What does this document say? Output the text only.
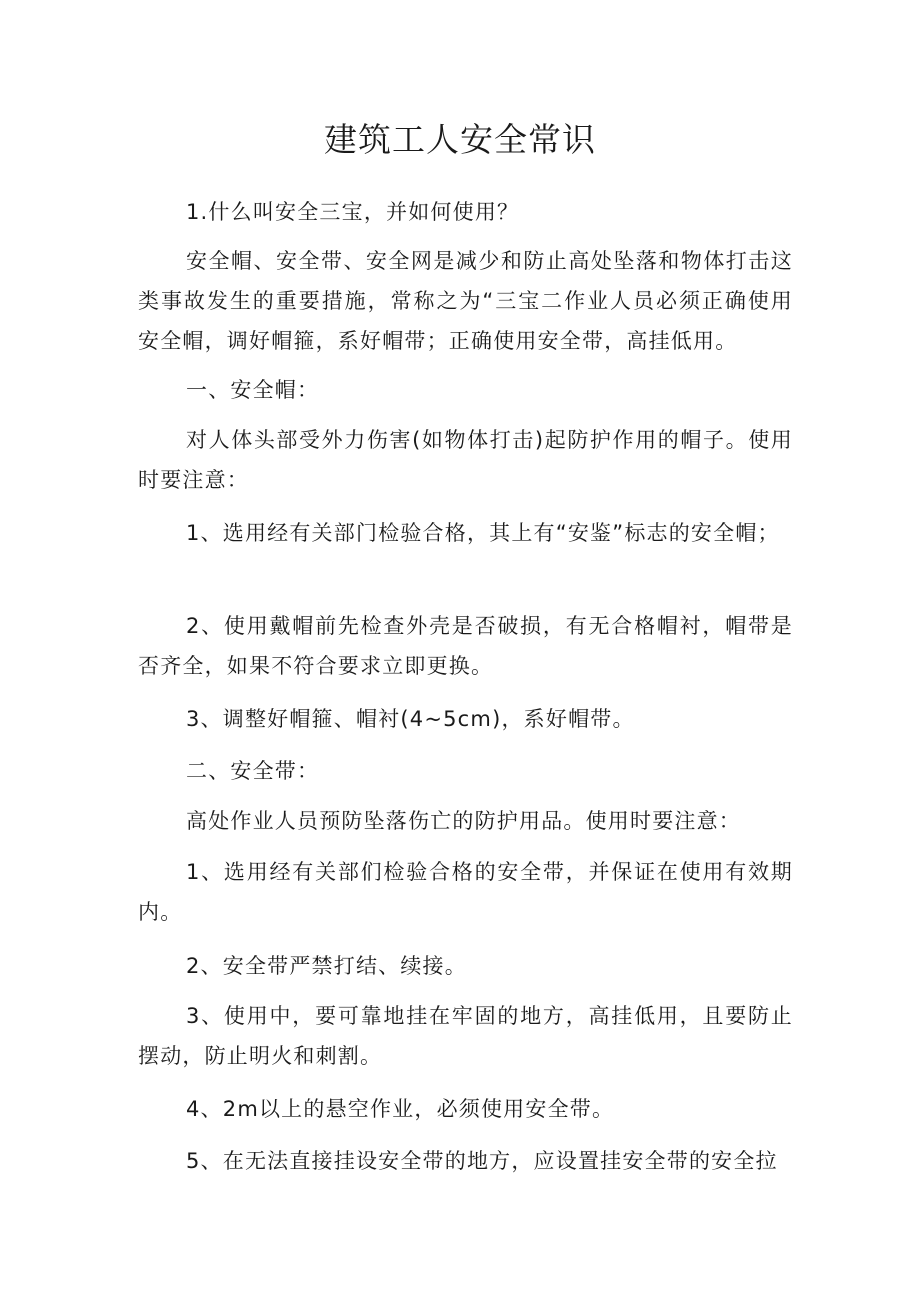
建筑工人安全常识

1.什么叫安全三宝，并如何使用？

安全帽、安全带、安全网是减少和防止高处坠落和物体打击这类事故发生的重要措施，常称之为“三宝二作业人员必须正确使用安全帽，调好帽箍，系好帽带；正确使用安全带，高挂低用。

一、安全帽：

对人体头部受外力伤害(如物体打击)起防护作用的帽子。使用时要注意：

1、选用经有关部门检验合格，其上有“安鉴”标志的安全帽；

2、使用戴帽前先检查外壳是否破损，有无合格帽衬，帽带是否齐全，如果不符合要求立即更换。

3、调整好帽箍、帽衬(4~5cm)，系好帽带。

二、安全带：

高处作业人员预防坠落伤亡的防护用品。使用时要注意：

1、选用经有关部们检验合格的安全带，并保证在使用有效期内。

2、安全带严禁打结、续接。

3、使用中，要可靠地挂在牢固的地方，高挂低用，且要防止摆动，防止明火和刺割。

4、2m以上的悬空作业，必须使用安全带。

5、在无法直接挂设安全带的地方，应设置挂安全带的安全拉
